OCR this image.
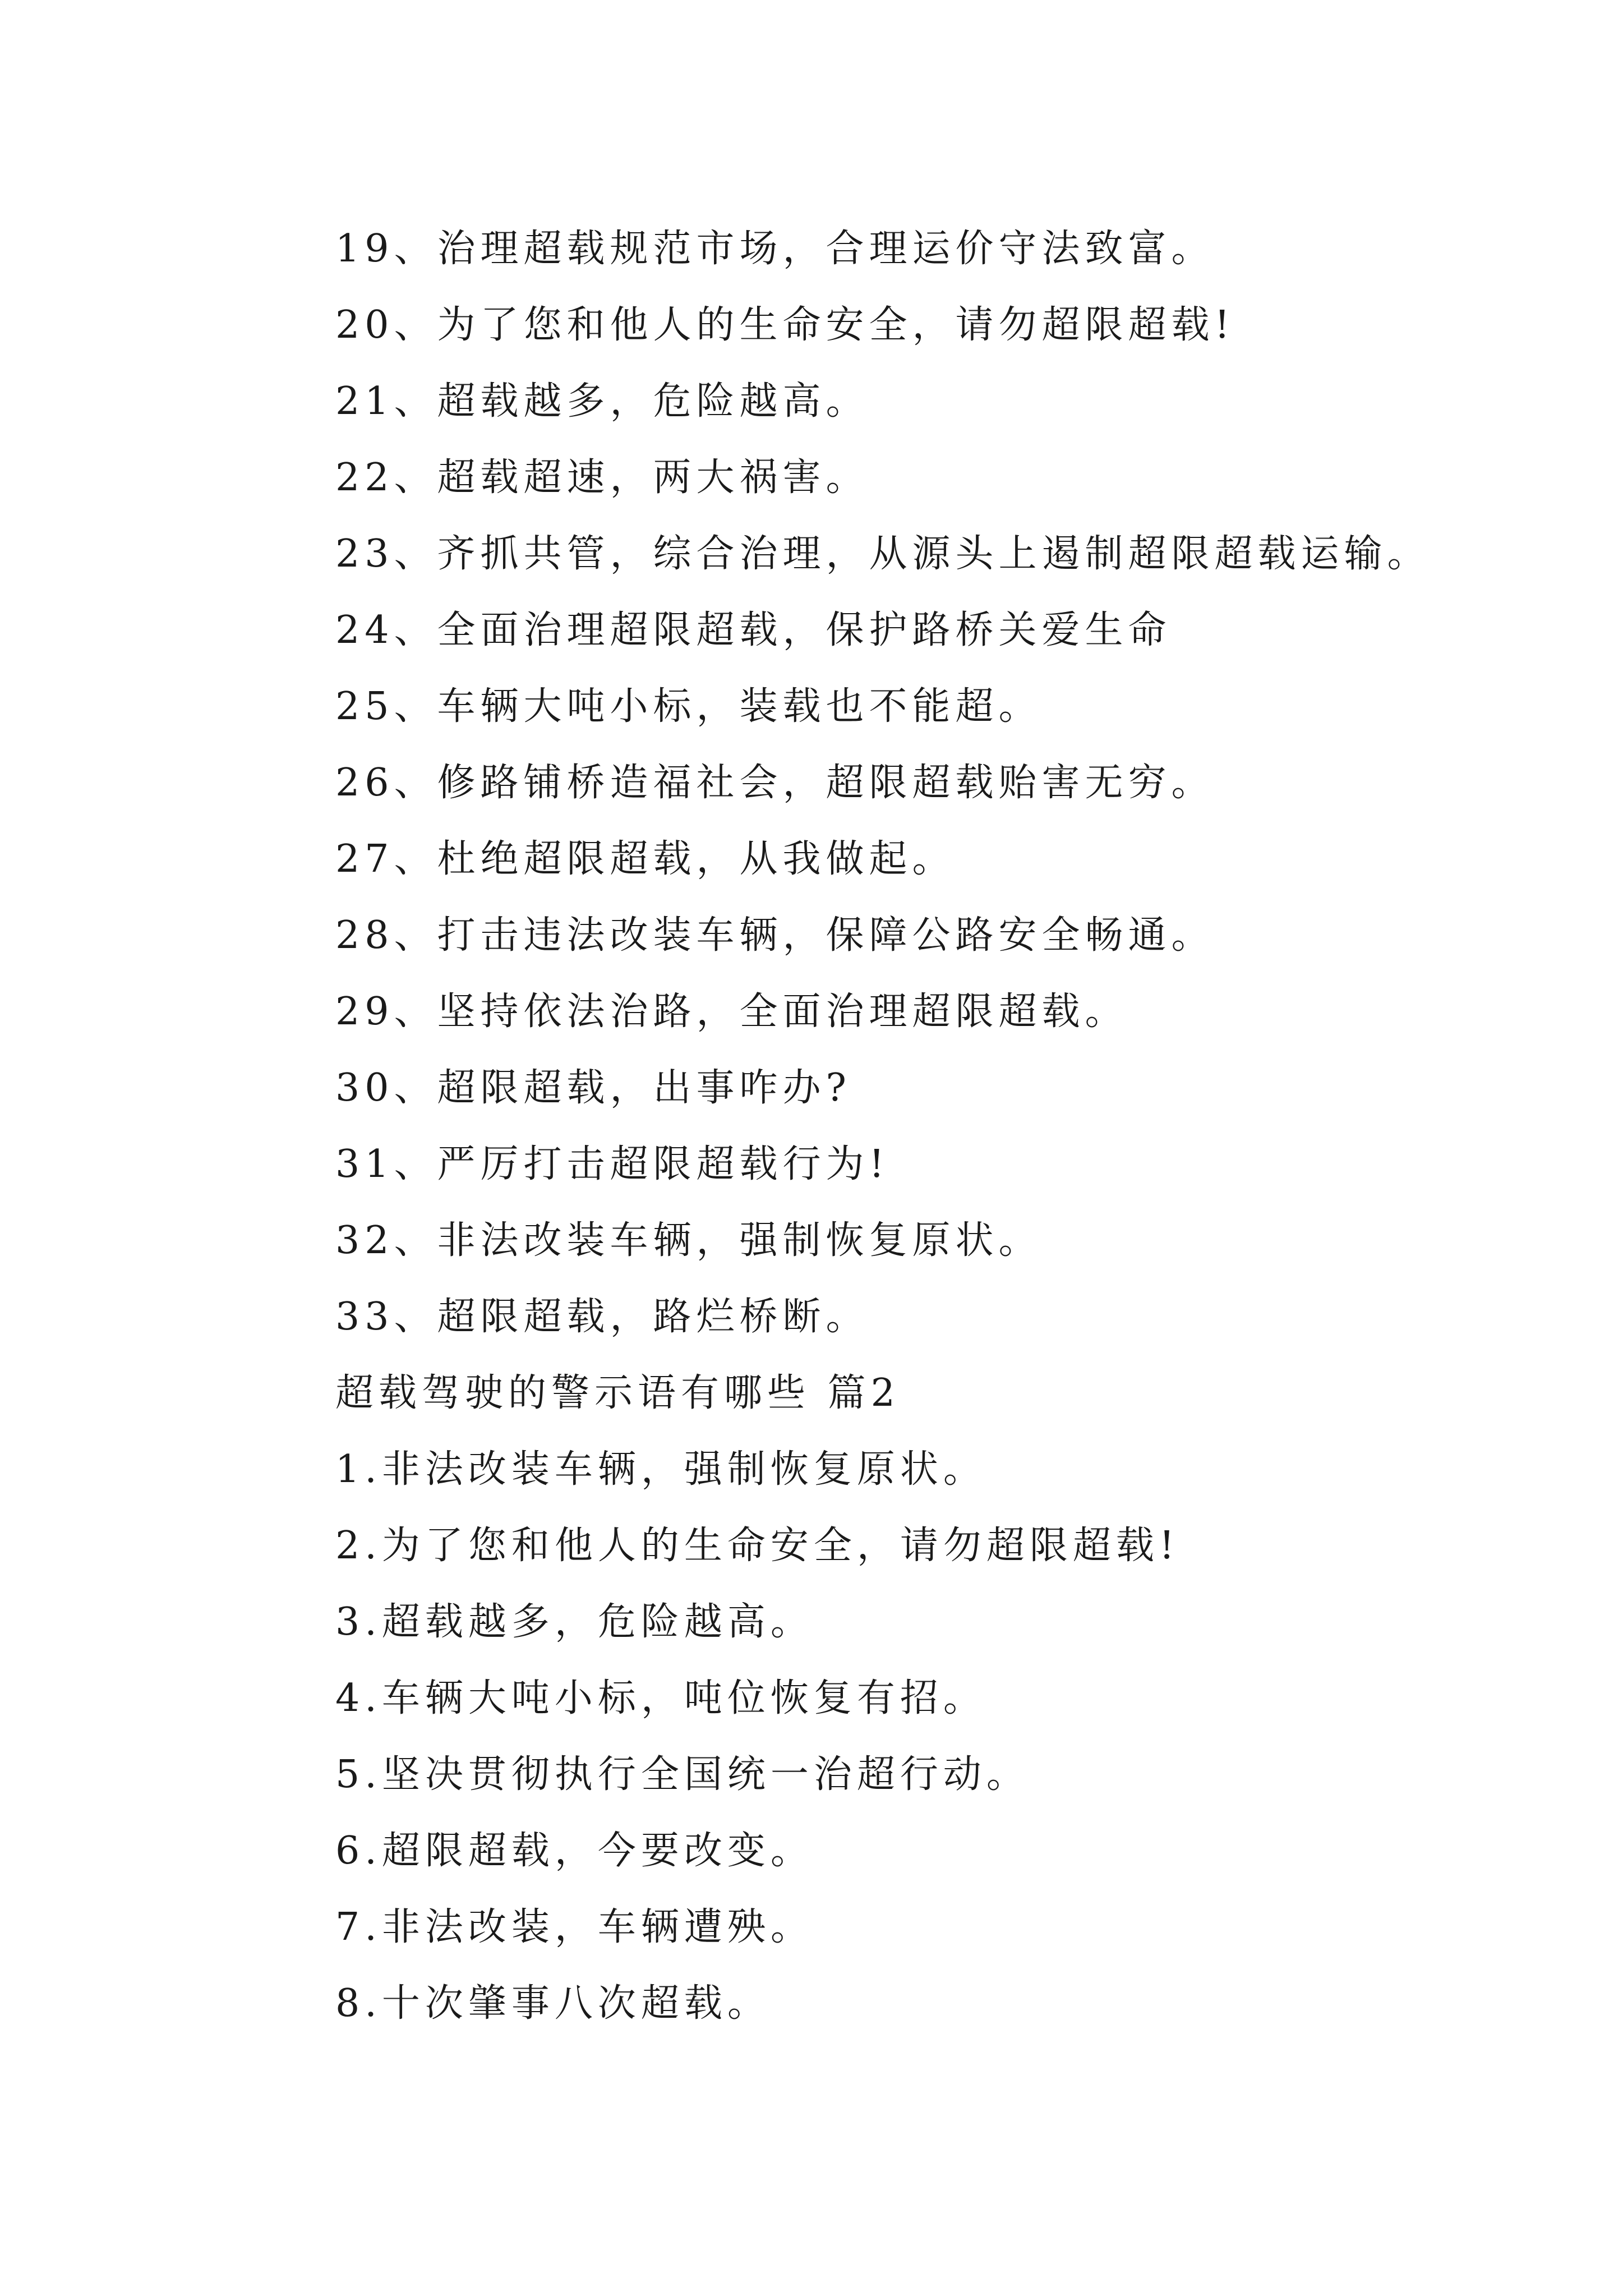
19、治理超载规范市场，合理运价守法致富。
20、为了您和他人的生命安全，请勿超限超载!
21、超载越多，危险越高。
22、超载超速，两大祸害。
23、齐抓共管，综合治理，从源头上遏制超限超载运输。
24、全面治理超限超载，保护路桥关爱生命
25、车辆大吨小标，装载也不能超。
26、修路铺桥造福社会，超限超载贻害无穷。
27、杜绝超限超载，从我做起。
28、打击违法改装车辆，保障公路安全畅通。
29、坚持依法治路，全面治理超限超载。
30、超限超载，出事咋办?
31、严厉打击超限超载行为!
32、非法改装车辆，强制恢复原状。
33、超限超载，路烂桥断。
超载驾驶的警示语有哪些 篇2
1.非法改装车辆，强制恢复原状。
2.为了您和他人的生命安全，请勿超限超载!
3.超载越多，危险越高。
4.车辆大吨小标，吨位恢复有招。
5.坚决贯彻执行全国统一治超行动。
6.超限超载，今要改变。
7.非法改装，车辆遭殃。
8.十次肇事八次超载。
